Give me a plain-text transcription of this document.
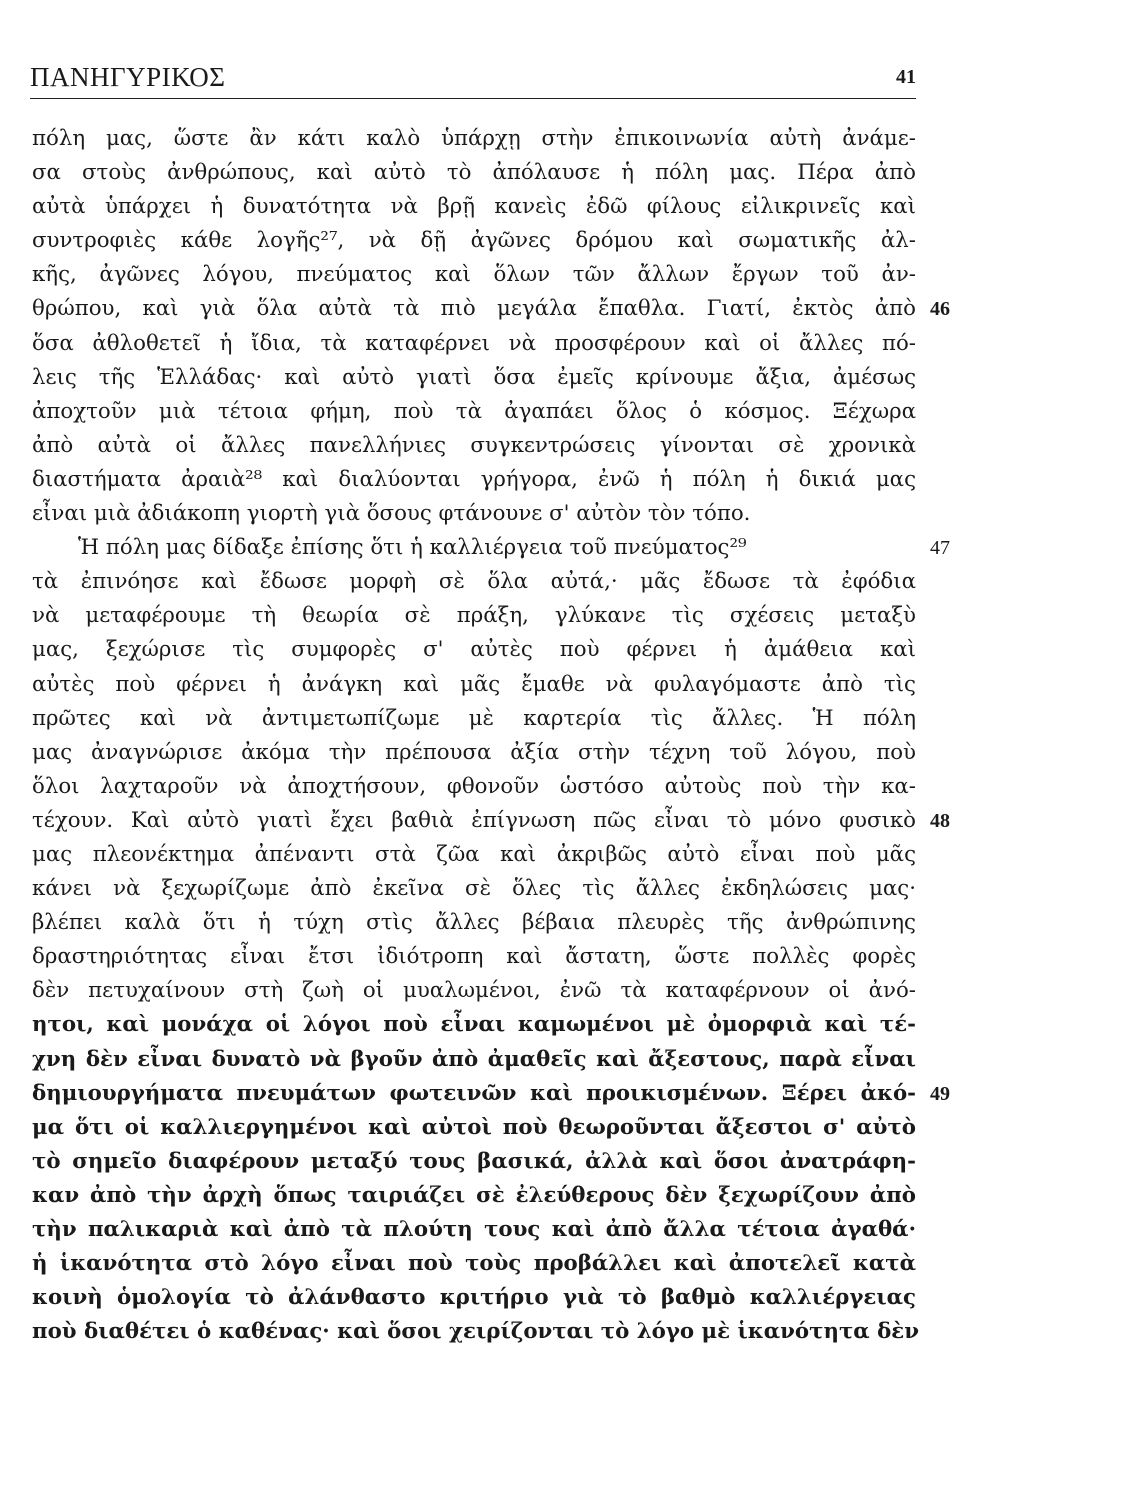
ΠΑΝΗΓΥΡΙΚΟΣ	41
πόλη μας, ὥστε ἂν κάτι καλὸ ὑπάρχῃ στὴν ἐπικοινωνία αὐτὴ ἀνάμε-
σα στοὺς ἀνθρώπους, καὶ αὐτὸ τὸ ἀπόλαυσε ἡ πόλη μας. Πέρα ἀπὸ
αὐτὰ ὑπάρχει ἡ δυνατότητα νὰ βρῇ κανεὶς ἐδῶ φίλους εἰλικρινεῖς καὶ
συντροφιὲς κάθε λογῆς²⁷, νὰ δῇ ἀγῶνες δρόμου καὶ σωματικῆς ἀλ-
κῆς, ἀγῶνες λόγου, πνεύματος καὶ ὅλων τῶν ἄλλων ἔργων τοῦ ἀν-
θρώπου, καὶ γιὰ ὅλα αὐτὰ τὰ πιὸ μεγάλα ἔπαθλα. Γιατί, ἐκτὸς ἀπὸ 46
ὅσα ἀθλοθετεῖ ἡ ἴδια, τὰ καταφέρνει νὰ προσφέρουν καὶ οἱ ἄλλες πό-
λεις τῆς Ἑλλάδας· καὶ αὐτὸ γιατὶ ὅσα ἐμεῖς κρίνουμε ἄξια, ἀμέσως
ἀποχτοῦν μιὰ τέτοια φήμη, ποὺ τὰ ἀγαπάει ὅλος ὁ κόσμος. Ξέχωρα
ἀπὸ αὐτὰ οἱ ἄλλες πανελλήνιες συγκεντρώσεις γίνονται σὲ χρονικὰ
διαστήματα ἀραιὰ²⁸ καὶ διαλύονται γρήγορα, ἐνῶ ἡ πόλη ἡ δικιά μας
εἶναι μιὰ ἀδιάκοπη γιορτὴ γιὰ ὅσους φτάνουνε σ' αὐτὸν τὸν τόπο.
Ἡ πόλη μας δίδαξε ἐπίσης ὅτι ἡ καλλιέργεια τοῦ πνεύματος²⁹	47
τὰ ἐπινόησε καὶ ἔδωσε μορφὴ σὲ ὅλα αὐτά,· μᾶς ἔδωσε τὰ ἐφόδια
νὰ μεταφέρουμε τὴ θεωρία σὲ πράξη, γλύκανε τὶς σχέσεις μεταξὺ
μας, ξεχώρισε τὶς συμφορὲς σ' αὐτὲς ποὺ φέρνει ἡ ἀμάθεια καὶ
αὐτὲς ποὺ φέρνει ἡ ἀνάγκη καὶ μᾶς ἔμαθε νὰ φυλαγόμαστε ἀπὸ τὶς
πρῶτες καὶ νὰ ἀντιμετωπίζωμε μὲ καρτερία τὶς ἄλλες. Ἡ πόλη
μας ἀναγνώρισε ἀκόμα τὴν πρέπουσα ἀξία στὴν τέχνη τοῦ λόγου, ποὺ
ὅλοι λαχταροῦν νὰ ἀποχτήσουν, φθονοῦν ὡστόσο αὐτοὺς ποὺ τὴν κα-
τέχουν. Καὶ αὐτὸ γιατὶ ἔχει βαθιὰ ἐπίγνωση πῶς εἶναι τὸ μόνο φυσικὸ 48
μας πλεονέκτημα ἀπέναντι στὰ ζῶα καὶ ἀκριβῶς αὐτὸ εἶναι ποὺ μᾶς
κάνει νὰ ξεχωρίζωμε ἀπὸ ἐκεῖνα σὲ ὅλες τὶς ἄλλες ἐκδηλώσεις μας·
βλέπει καλὰ ὅτι ἡ τύχη στὶς ἄλλες βέβαια πλευρὲς τῆς ἀνθρώπινης
δραστηριότητας εἶναι ἔτσι ἰδιότροπη καὶ ἄστατη, ὥστε πολλὲς φορὲς
δὲν πετυχαίνουν στὴ ζωὴ οἱ μυαλωμένοι, ἐνῶ τὰ καταφέρνουν οἱ ἀνό-
ητοι, καὶ μονάχα οἱ λόγοι ποὺ εἶναι καμωμένοι μὲ ὀμορφιὰ καὶ τέ-
χνη δὲν εἶναι δυνατὸ νὰ βγοῦν ἀπὸ ἀμαθεῖς καὶ ἄξεστους, παρὰ εἶναι
δημιουργήματα πνευμάτων φωτεινῶν καὶ προικισμένων. Ξέρει ἀκό- 49
μα ὅτι οἱ καλλιεργημένοι καὶ αὐτοὶ ποὺ θεωροῦνται ἄξεστοι σ' αὐτὸ
τὸ σημεῖο διαφέρουν μεταξύ τους βασικά, ἀλλὰ καὶ ὅσοι ἀνατράφη-
καν ἀπὸ τὴν ἀρχὴ ὅπως ταιριάζει σὲ ἐλεύθερους δὲν ξεχωρίζουν ἀπὸ
τὴν παλικαριὰ καὶ ἀπὸ τὰ πλούτη τους καὶ ἀπὸ ἄλλα τέτοια ἀγαθά·
ἡ ἱκανότητα στὸ λόγο εἶναι ποὺ τοὺς προβάλλει καὶ ἀποτελεῖ κατὰ
κοινὴ ὁμολογία τὸ ἀλάνθαστο κριτήριο γιὰ τὸ βαθμὸ καλλιέργειας
ποὺ διαθέτει ὁ καθένας· καὶ ὅσοι χειρίζονται τὸ λόγο μὲ ἱκανότητα δὲν
